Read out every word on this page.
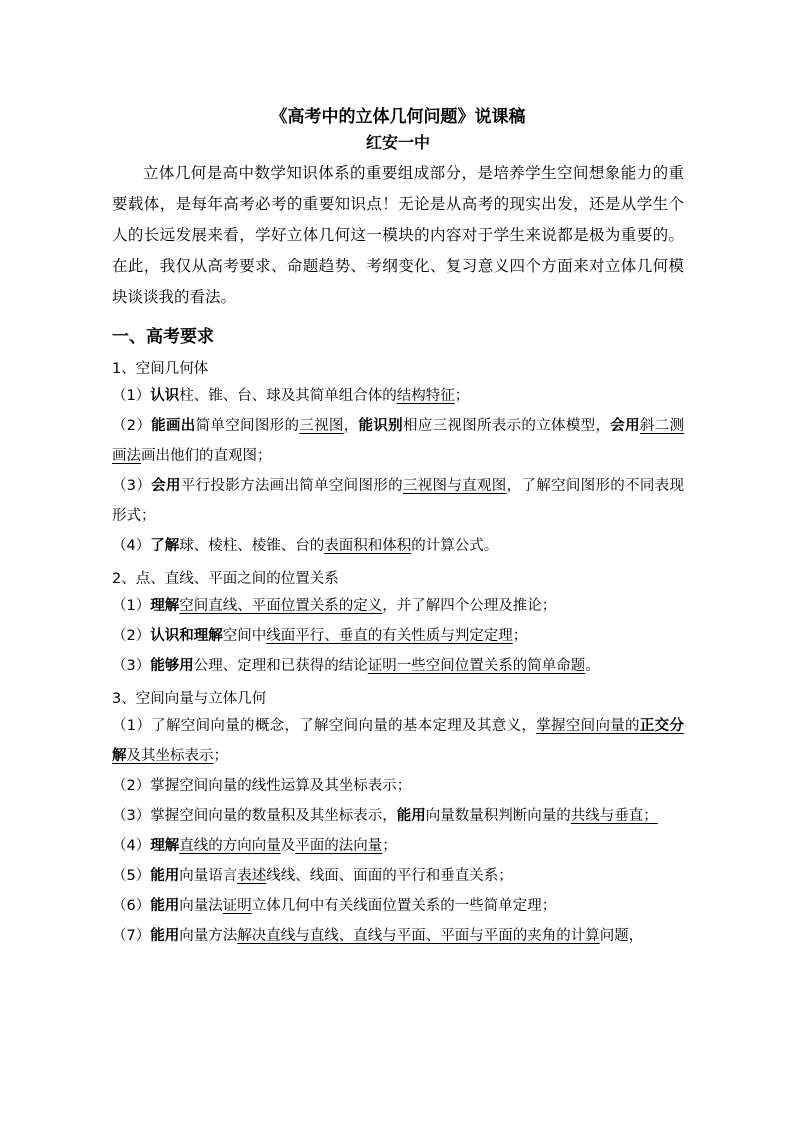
《高考中的立体几何问题》说课稿

红安一中

立体几何是高中数学知识体系的重要组成部分，是培养学生空间想象能力的重要载体，是每年高考必考的重要知识点！无论是从高考的现实出发，还是从学生个人的长远发展来看，学好立体几何这一模块的内容对于学生来说都是极为重要的。在此，我仅从高考要求、命题趋势、考纲变化、复习意义四个方面来对立体几何模块谈谈我的看法。

一、高考要求

1、空间几何体

（1）认识柱、锥、台、球及其简单组合体的结构特征；

（2）能画出简单空间图形的三视图，能识别相应三视图所表示的立体模型，会用斜二测画法画出他们的直观图；

（3）会用平行投影方法画出简单空间图形的三视图与直观图，了解空间图形的不同表现形式；

（4）了解球、棱柱、棱锥、台的表面积和体积的计算公式。

2、点、直线、平面之间的位置关系

（1）理解空间直线、平面位置关系的定义，并了解四个公理及推论；

（2）认识和理解空间中线面平行、垂直的有关性质与判定定理；

（3）能够用公理、定理和已获得的结论证明一些空间位置关系的简单命题。

3、空间向量与立体几何

（1）了解空间向量的概念，了解空间向量的基本定理及其意义，掌握空间向量的正交分解及其坐标表示；

（2）掌握空间向量的线性运算及其坐标表示；

（3）掌握空间向量的数量积及其坐标表示，能用向量数量积判断向量的共线与垂直；

（4）理解直线的方向向量及平面的法向量；

（5）能用向量语言表述线线、线面、面面的平行和垂直关系；

（6）能用向量法证明立体几何中有关线面位置关系的一些简单定理；

（7）能用向量方法解决直线与直线、直线与平面、平面与平面的夹角的计算问题，
